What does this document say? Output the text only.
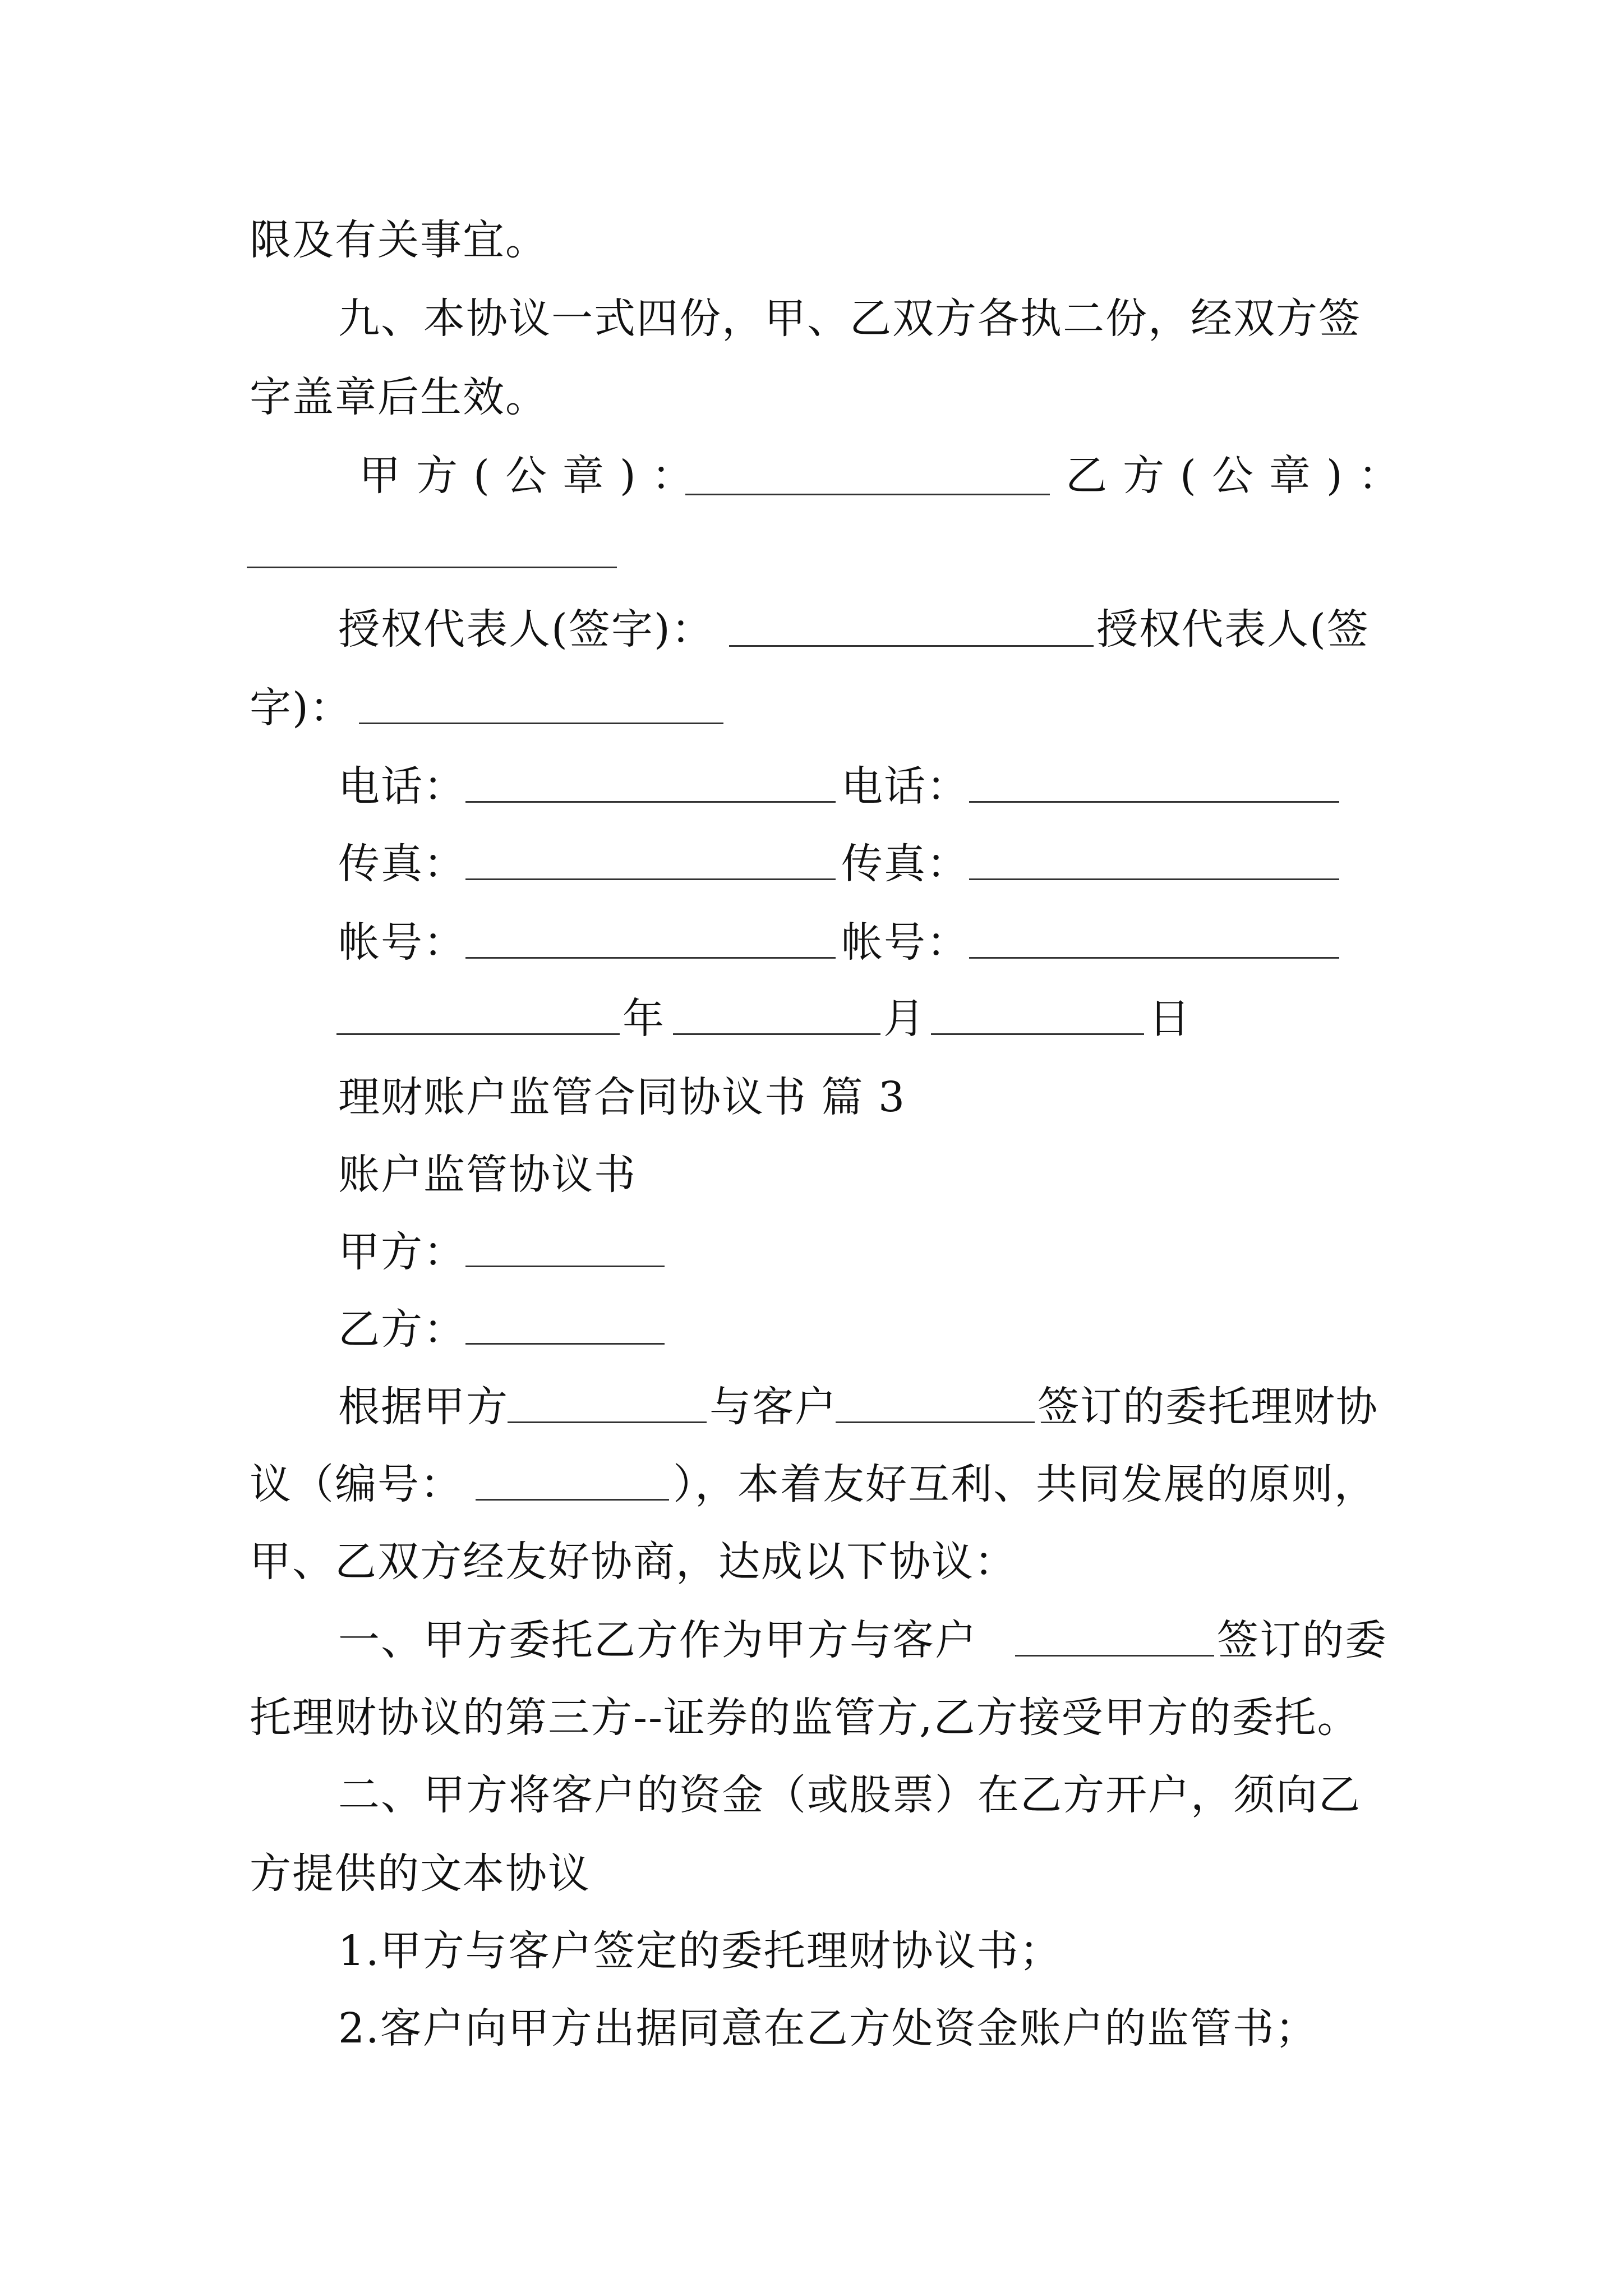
限及有关事宜。
九、本协议一式四份，甲、乙双方各执二份，经双方签
字盖章后生效。
甲方(公章)：	乙方(公章)：
授权代表人(签字)：	授权代表人(签
字)：
电话：	电话：
传真：	传真：
帐号：	帐号：
年	月	日
理财账户监管合同协议书 篇 3
账户监管协议书
甲方：
乙方：
根据甲方	与客户	签订的委托理财协
议（编号：	），本着友好互利、共同发展的原则，
甲、乙双方经友好协商，达成以下协议：
一、甲方委托乙方作为甲方与客户	签订的委
托理财协议的第三方--证券的监管方,乙方接受甲方的委托。
二、甲方将客户的资金（或股票）在乙方开户，须向乙
方提供的文本协议
1.甲方与客户签定的委托理财协议书；
2.客户向甲方出据同意在乙方处资金账户的监管书；
